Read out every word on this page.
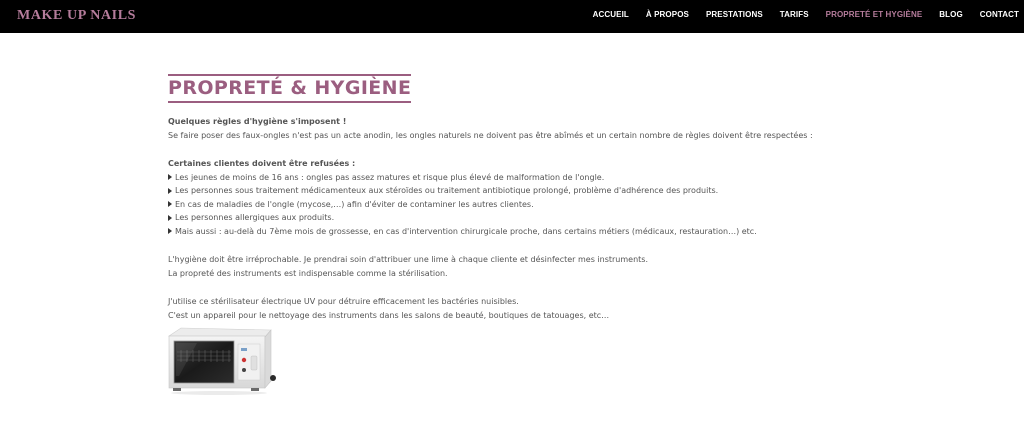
MAKE UP NAILS	ACCUEIL À PROPOS PRESTATIONS TARIFS PROPRETÉ ET HYGIÈNE BLOG CONTACT
PROPRETÉ & HYGIÈNE
Quelques règles d'hygiène s'imposent !
Se faire poser des faux-ongles n'est pas un acte anodin, les ongles naturels ne doivent pas être abîmés et un certain nombre de règles doivent être respectées :
Certaines clientes doivent être refusées :
Les jeunes de moins de 16 ans : ongles pas assez matures et risque plus élevé de malformation de l'ongle.
Les personnes sous traitement médicamenteux aux stéroïdes ou traitement antibiotique prolongé, problème d'adhérence des produits.
En cas de maladies de l'ongle (mycose,…) afin d'éviter de contaminer les autres clientes.
Les personnes allergiques aux produits.
Mais aussi : au-delà du 7ème mois de grossesse, en cas d'intervention chirurgicale proche, dans certains métiers (médicaux, restauration…) etc.
L'hygiène doit être irréprochable. Je prendrai soin d'attribuer une lime à chaque cliente et désinfecter mes instruments.
La propreté des instruments est indispensable comme la stérilisation.
J'utilise ce stérilisateur électrique UV pour détruire efficacement les bactéries nuisibles.
C'est un appareil pour le nettoyage des instruments dans les salons de beauté, boutiques de tatouages, etc…
